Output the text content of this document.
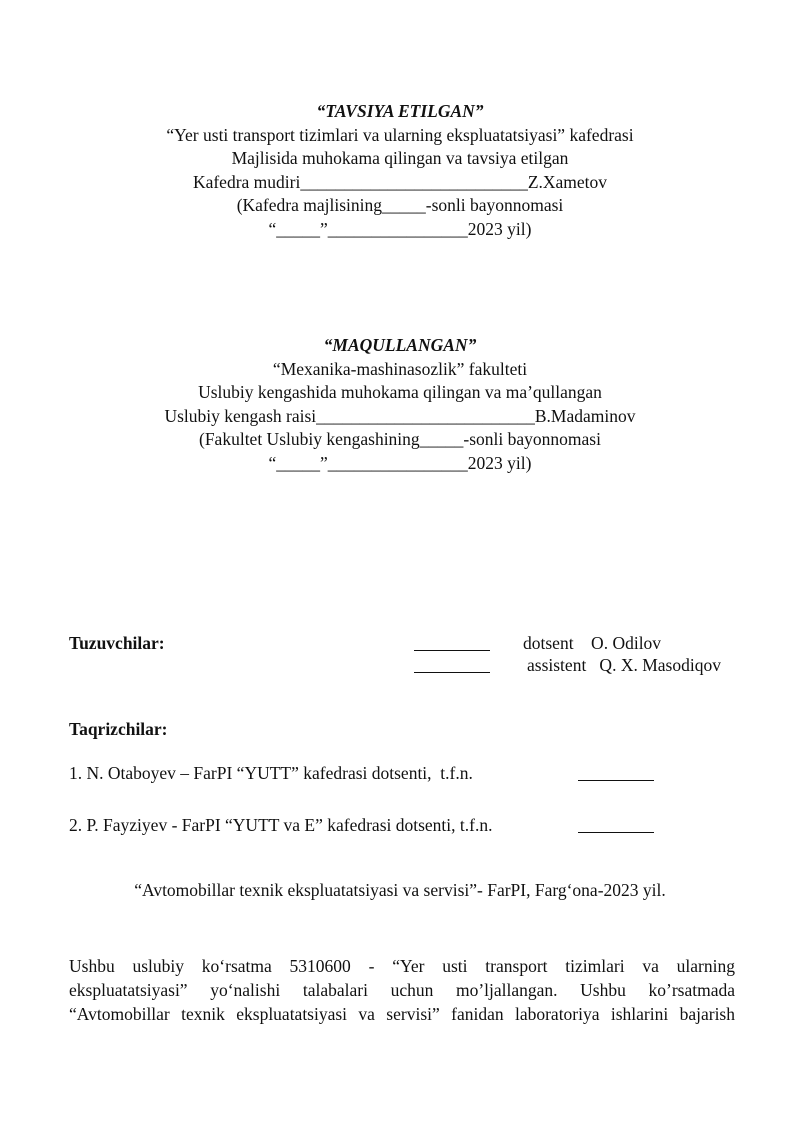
“TAVSIYA ETILGAN”
“Yer usti transport tizimlari va ularning ekspluatatsiyasi” kafedrasi
Majlisida muhokama qilingan va tavsiya etilgan
Kafedra mudiri__________________________Z.Xametov
(Kafedra majlisining_____-sonli bayonnomasi
“_____”________________2023 yil)
“MAQULLANGAN”
“Mexanika-mashinasozlik” fakulteti
Uslubiy kengashida muhokama qilingan va ma’qullangan
Uslubiy kengash raisi_________________________B.Madaminov
(Fakultet Uslubiy kengashining_____-sonli bayonnomasi
“_____”________________2023 yil)
Tuzuvchilar:	dotsent    O. Odilov
assistent   Q. X. Masodiqov
Taqrizchilar:
1. N. Otaboyev – FarPI “YUTT” kafedrasi dotsenti,  t.f.n.
2. P. Fayziyev - FarPI “YUTT va E” kafedrasi dotsenti, t.f.n.
“Avtomobillar texnik ekspluatatsiyasi va servisi”- FarPI, Farg‘ona-2023 yil.
Ushbu uslubiy ko‘rsatma 5310600 - “Yer usti transport tizimlari va ularning
ekspluatatsiyasi” yo‘nalishi talabalari uchun mo’ljallangan. Ushbu ko’rsatmada
“Avtomobillar texnik ekspluatatsiyasi va servisi” fanidan laboratoriya ishlarini bajarish
